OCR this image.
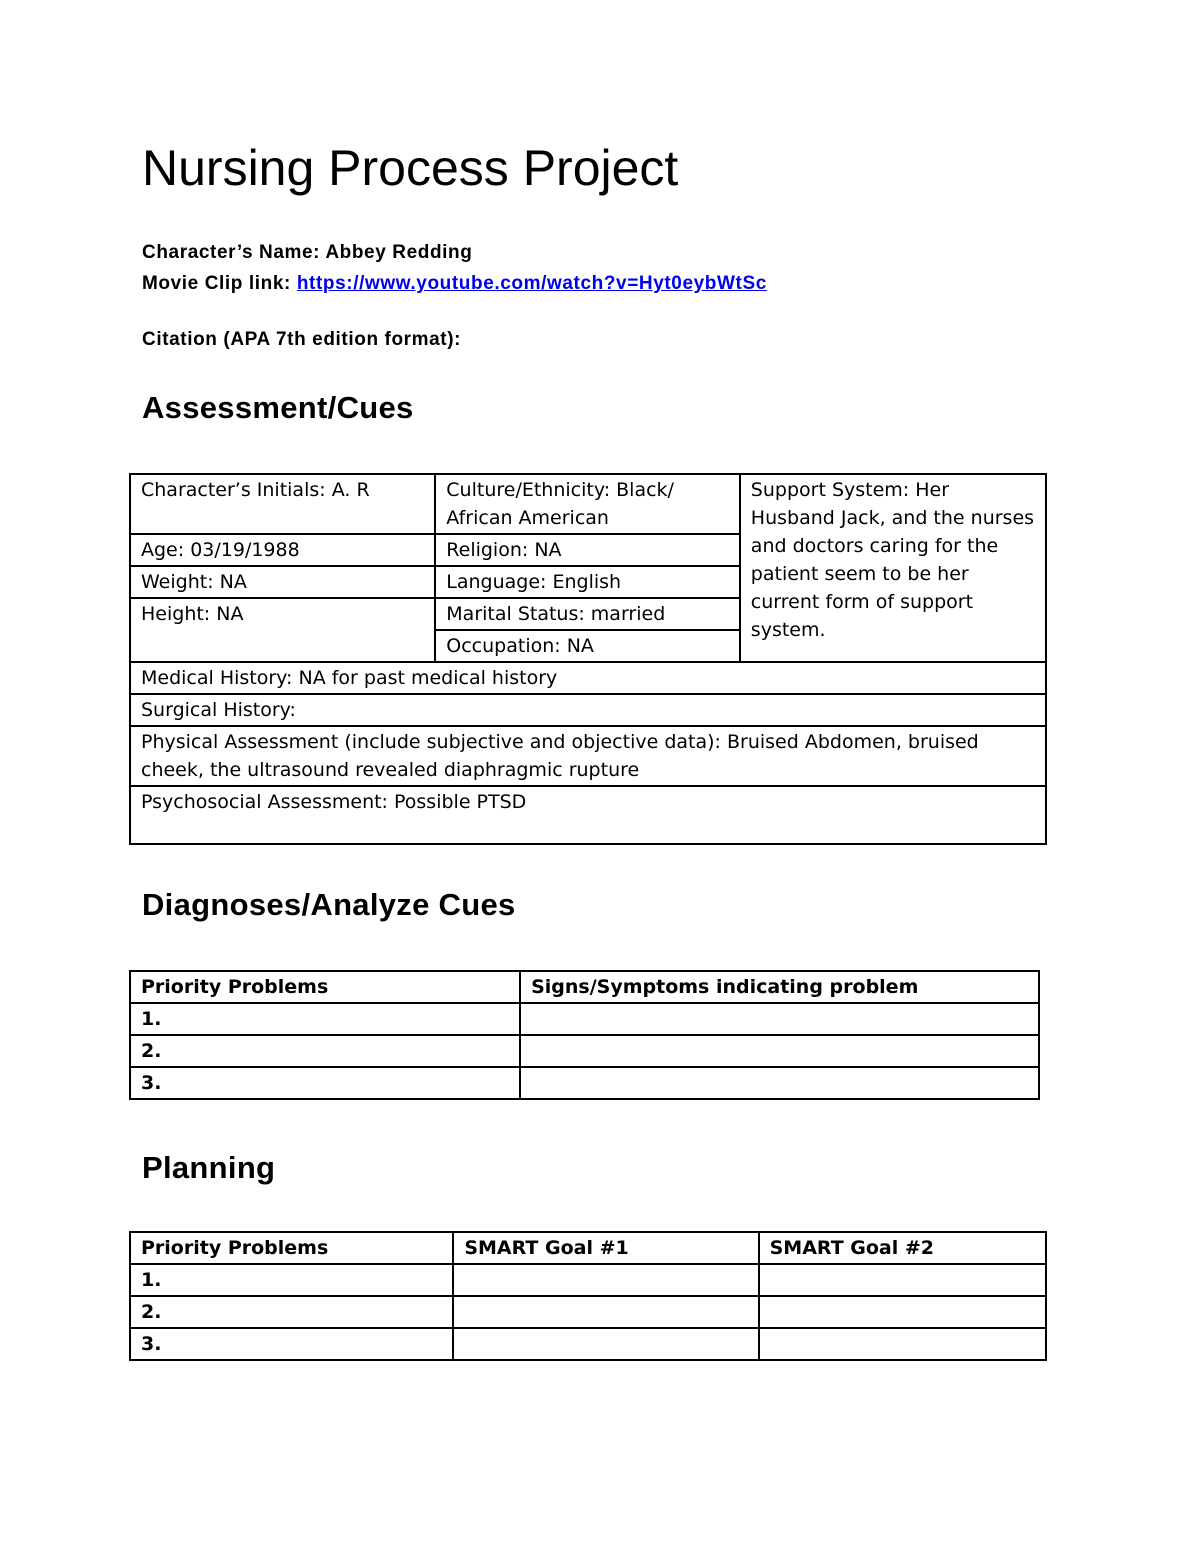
Nursing Process Project
Character’s Name: Abbey Redding
Movie Clip link: https://www.youtube.com/watch?v=Hyt0eybWtSc
Citation (APA 7th edition format):
Assessment/Cues
Character’s Initials: A. R	Culture/Ethnicity: Black/ African American	Support System: Her Husband Jack, and the nurses and doctors caring for the patient seem to be her current form of support system.
Age: 03/19/1988	Religion: NA	
Weight: NA	Language: English	
Height: NA	Marital Status: married	
	Occupation: NA	
Medical History: NA for past medical history		
Surgical History:		
Physical Assessment (include subjective and objective data): Bruised Abdomen, bruised cheek, the ultrasound revealed diaphragmic rupture		
Psychosocial Assessment: Possible PTSD		
Diagnoses/Analyze Cues
Priority Problems	Signs/Symptoms indicating problem
1.	
2.	
3.	
Planning
Priority Problems	SMART Goal #1	SMART Goal #2
1.		
2.		
3.		
